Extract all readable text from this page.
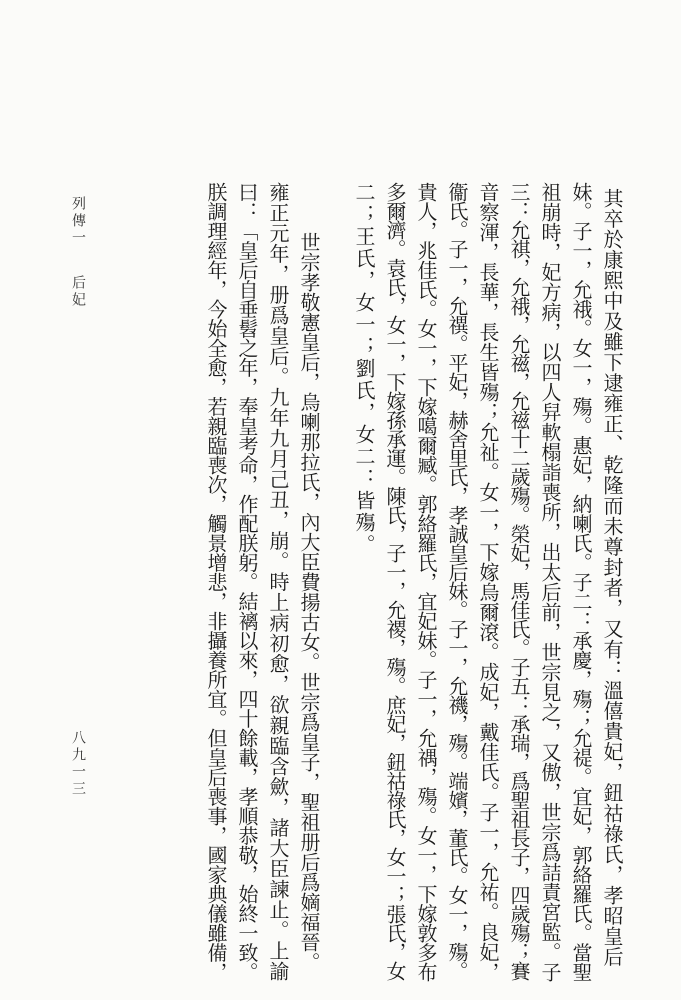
其卒於康熙中及雖下逮雍正、乾隆而未尊封者，又有：溫僖貴妃，鈕祜祿氏，孝昭皇后
妹。子一，允䄉。女一，殤。惠妃，納喇氏。子二：承慶，殤；允禔。宜妃，郭絡羅氏。當聖
祖崩時，妃方病，以四人舁軟榻詣喪所，出太后前，世宗見之，又傲，世宗爲詰責宮監。子
三：允祺，允䄉，允禌，允禌十二歲殤。榮妃，馬佳氏。子五：承瑞，爲聖祖長子，四歲殤；賽
音察渾，長華，長生皆殤；允祉。女一，下嫁烏爾滾。成妃，戴佳氏。子一，允祐。良妃，
衞氏。子一，允禩。平妃，赫舍里氏，孝誠皇后妹。子一，允禨，殤。端嬪，董氏。女一，殤。
貴人，兆佳氏。女一，下嫁噶爾臧。郭絡羅氏，宜妃妹。子一，允禑，殤。女一，下嫁敦多布
多爾濟。袁氏，女一，下嫁孫承運。陳氏，子一，允禝，殤。庶妃，鈕祜祿氏，女一；張氏，女
二；王氏，女一；劉氏，女二：皆殤。
世宗孝敬憲皇后，烏喇那拉氏，內大臣費揚古女。世宗爲皇子，聖祖册后爲嫡福晉。
雍正元年，册爲皇后。九年九月己丑，崩。時上病初愈，欲親臨含歛，諸大臣諫止。上諭
曰：「皇后自垂髫之年，奉皇考命，作配朕躬。結褵以來，四十餘載，孝順恭敬，始終一致。
朕調理經年，今始全愈，若親臨喪次，觸景增悲，非攝養所宜。但皇后喪事，國家典儀雖備，
列傳一后妃
八九一三
